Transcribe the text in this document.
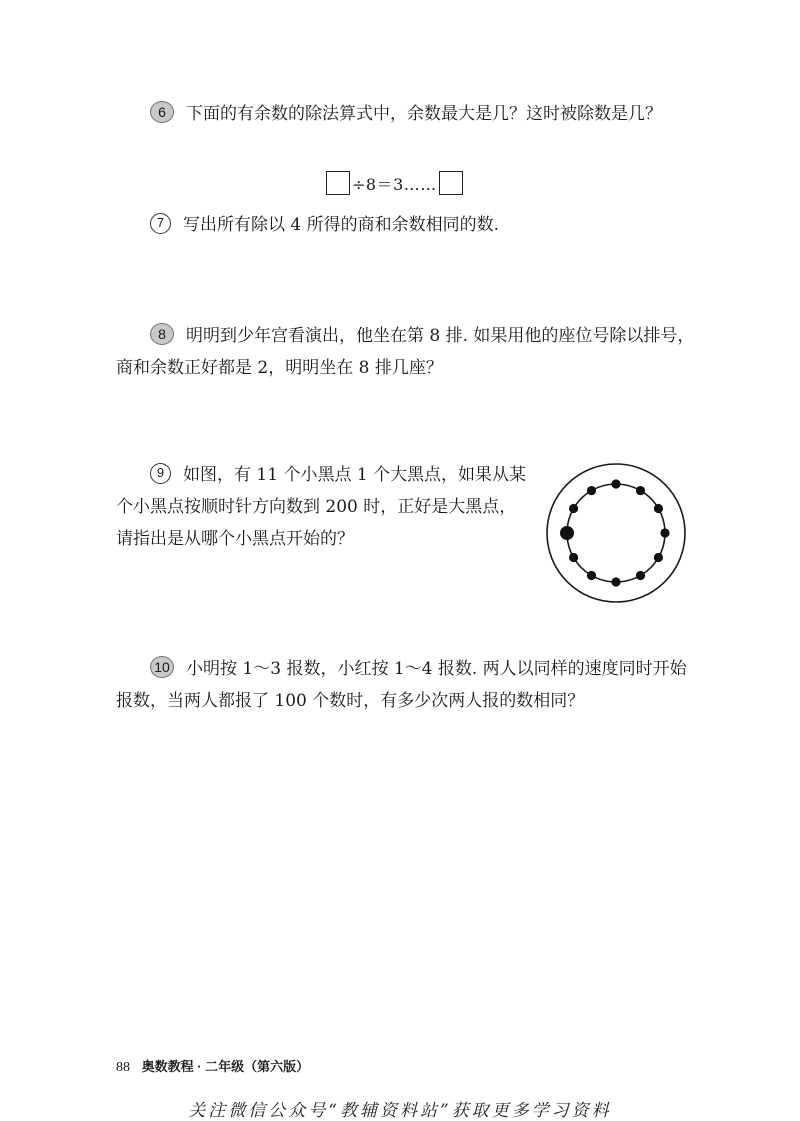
6 下面的有余数的除法算式中，余数最大是几？这时被除数是几？

÷8＝3……

7 写出所有除以 4 所得的商和余数相同的数.

8 明明到少年宫看演出，他坐在第 8 排. 如果用他的座位号除以排号，商和余数正好都是 2，明明坐在 8 排几座？

9 如图，有 11 个小黑点 1 个大黑点，如果从某个小黑点按顺时针方向数到 200 时，正好是大黑点，请指出是从哪个小黑点开始的？

10 小明按 1～3 报数，小红按 1～4 报数. 两人以同样的速度同时开始报数，当两人都报了 100 个数时，有多少次两人报的数相同？

88 奥数教程 · 二年级（第六版）
关注微信公众号“教辅资料站”获取更多学习资料
